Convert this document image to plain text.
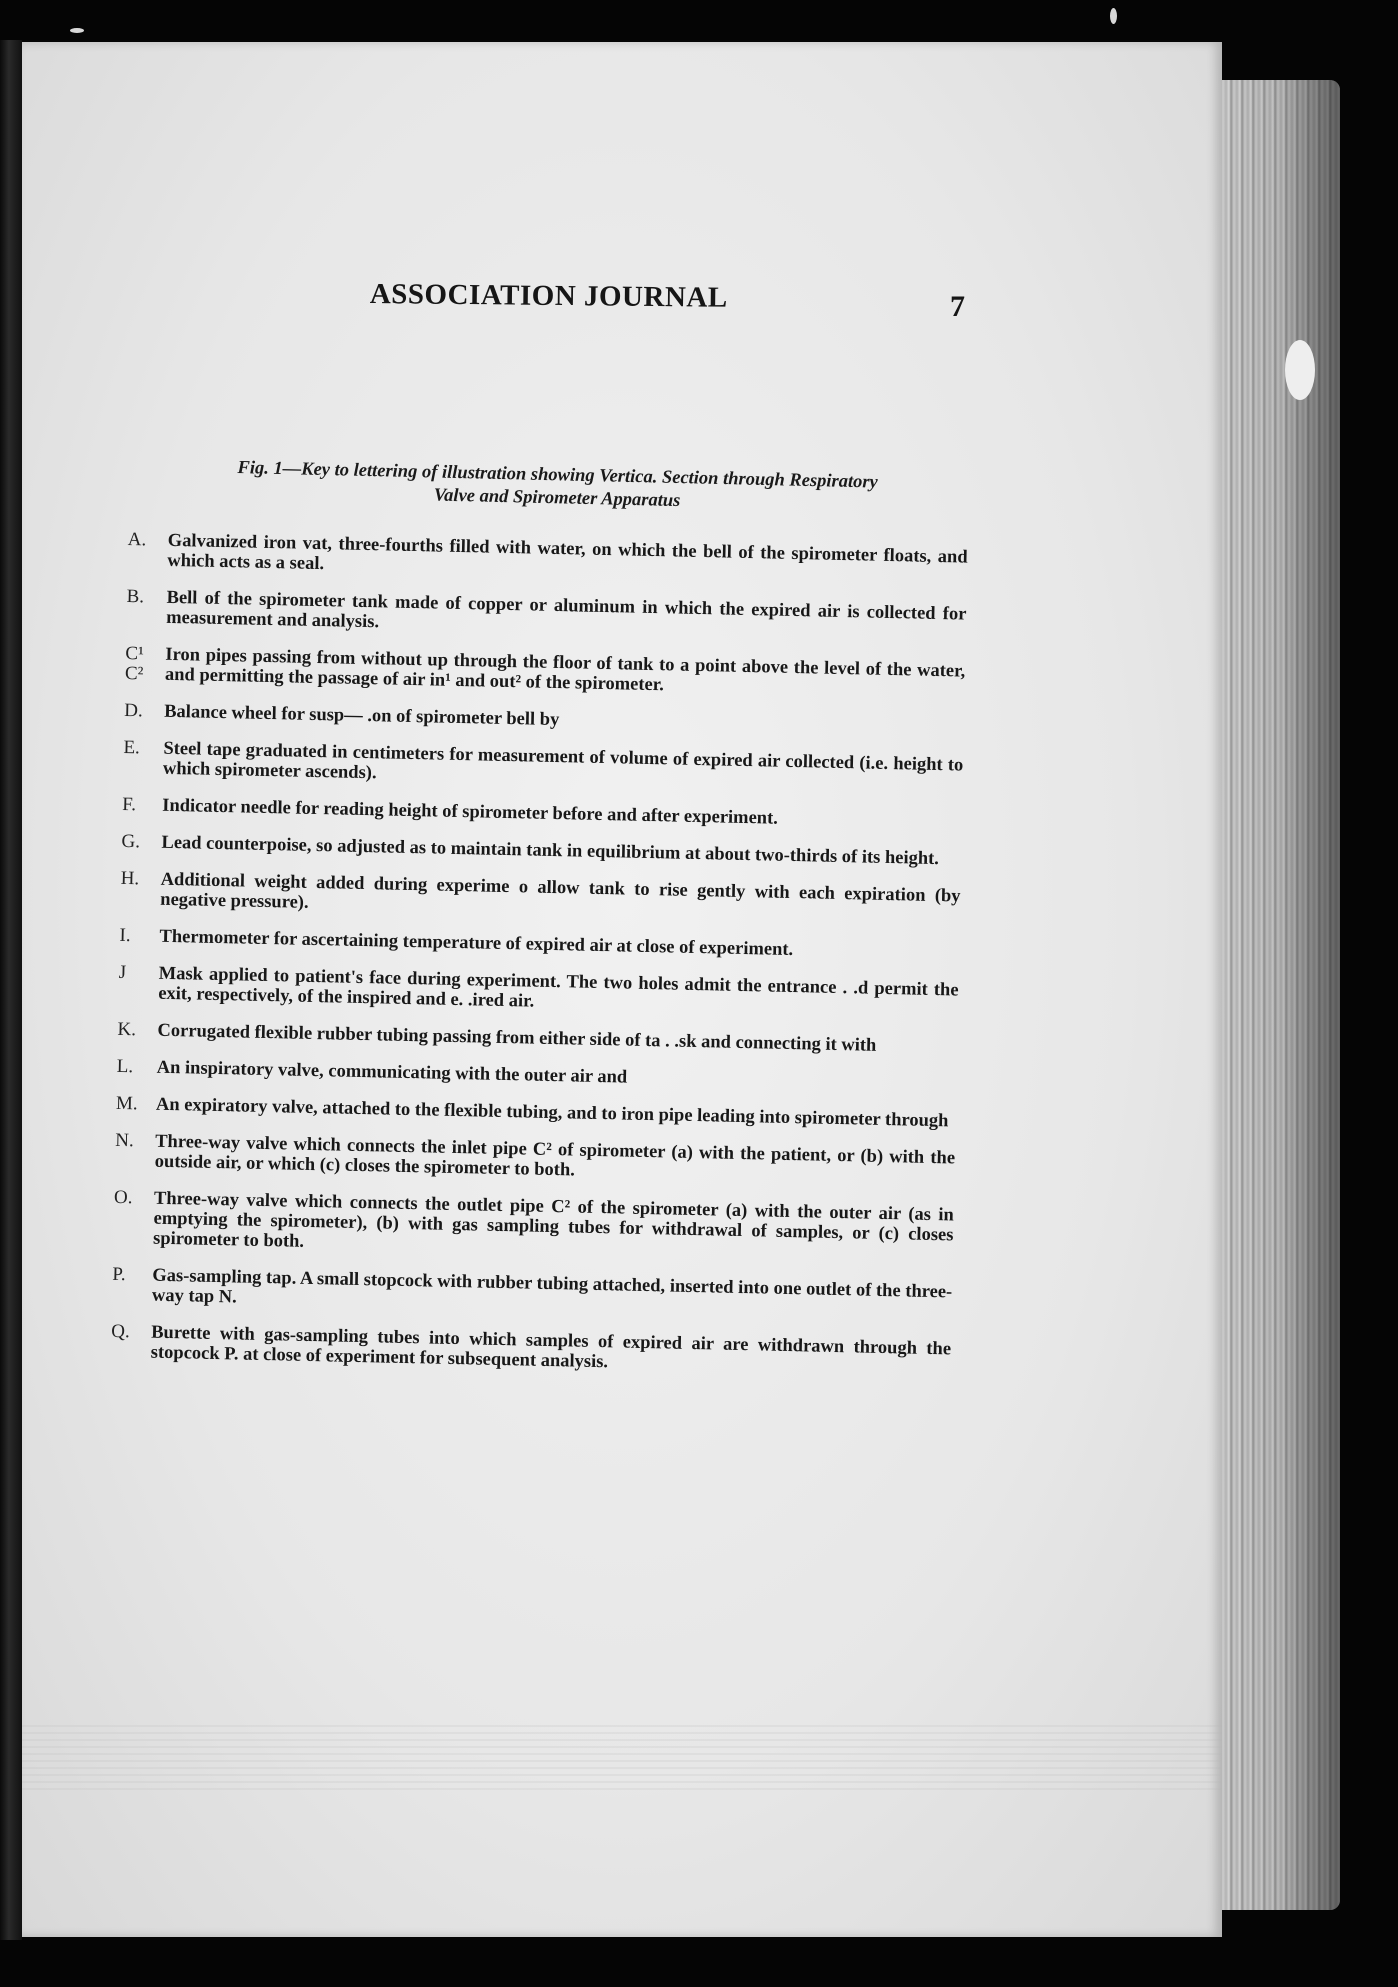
ASSOCIATION JOURNAL	7
Fig. 1—Key to lettering of illustration showing Vertica. Section through Respiratory
Valve and Spirometer Apparatus
A.	Galvanized iron vat, three-fourths filled with water, on which the bell of the spirometer floats, and which acts as a seal.
B.	Bell of the spirometer tank made of copper or aluminum in which the expired air is collected for measurement and analysis.
C¹ C²	Iron pipes passing from without up through the floor of tank to a point above the level of the water, and permitting the passage of air in¹ and out² of the spirometer.
D.	Balance wheel for susp— .on of spirometer bell by
E.	Steel tape graduated in centimeters for measurement of volume of expired air collected (i.e. height to which spirometer ascends).
F.	Indicator needle for reading height of spirometer before and after experiment.
G.	Lead counterpoise, so adjusted as to maintain tank in equilibrium at about two-thirds of its height.
H.	Additional weight added during experime o allow tank to rise gently with each expiration (by negative pressure).
I.	Thermometer for ascertaining temperature of expired air at close of experiment.
J	Mask applied to patient's face during experiment. The two holes admit the entrance . .d permit the exit, respectively, of the inspired and e. .ired air.
K.	Corrugated flexible rubber tubing passing from either side of ta . .sk and connecting it with
L.	An inspiratory valve, communicating with the outer air and
M. An expiratory valve, attached to the flexible tubing, and to iron pipe leading into spirometer through
N.	Three-way valve which connects the inlet pipe C² of spirometer (a) with the patient, or (b) with the outside air, or which (c) closes the spirometer to both.
O.	Three-way valve which connects the outlet pipe C² of the spirometer (a) with the outer air (as in emptying the spirometer), (b) with gas sampling tubes for withdrawal of samples, or (c) closes spirometer to both.
P.	Gas-sampling tap. A small stopcock with rubber tubing attached, inserted into one outlet of the three-way tap N.
Q.	Burette with gas-sampling tubes into which samples of expired air are withdrawn through the stopcock P. at close of experiment for subsequent analysis.
